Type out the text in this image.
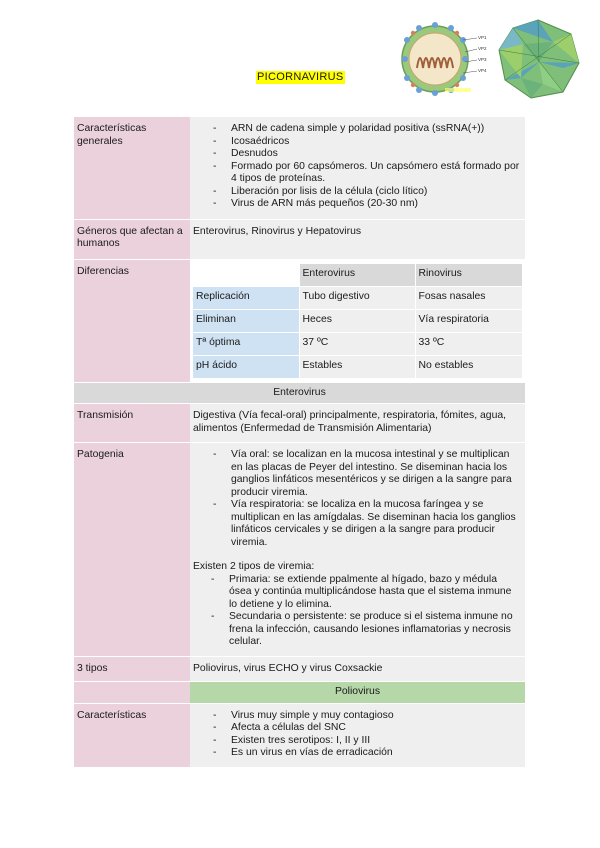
PICORNAVIRUS
VP1
VP2
VP3
VP4
Características generales	
- ARN de cadena simple y polaridad positiva (ssRNA(+))
- Icosaédricos
- Desnudos
- Formado por 60 capsómeros. Un capsómero está formado por 4 tipos de proteínas.
- Liberación por lisis de la célula (ciclo lítico)
- Virus de ARN más pequeños (20-30 nm)

Géneros que afectan a humanos	Enterovirus, Rinovirus y Hepatovirus
Diferencias	
		Enterovirus	Rinovirus
Replicación	Tubo digestivo	Fosas nasales
Eliminan	Heces	Vía respiratoria
Tª óptima	37 ºC	33 ºC
pH ácido	Estables	No estables

Enterovirus
Transmisión	Digestiva (Vía fecal-oral) principalmente, respiratoria, fómites, agua, alimentos (Enfermedad de Transmisión Alimentaria)
Patogenia	
-Vía oral: se localizan en la mucosa intestinal y se multiplican en las placas de Peyer del intestino. Se diseminan hacia los ganglios linfáticos mesentéricos y se dirigen a la sangre para producir viremia.
- Vía respiratoria: se localiza en la mucosa faríngea y se multiplican en las amígdalas. Se diseminan hacia los ganglios linfáticos cervicales y se dirigen a la sangre para producir viremia.

Existen 2 tipos de viremia:

- Primaria: se extiende ppalmente al hígado, bazo y médula ósea y continúa multiplicándose hasta que el sistema inmune lo detiene y lo elimina.
- Secundaria o persistente: se produce si el sistema inmune no frena la infección, causando lesiones inflamatorias y necrosis celular.

3 tipos	Poliovirus, virus ECHO y virus Coxsackie
	Poliovirus
Características	
-Virus muy simple y muy contagioso
- Afecta a células del SNC
- Existen tres serotipos: I, II y III
- Es un virus en vías de erradicación
